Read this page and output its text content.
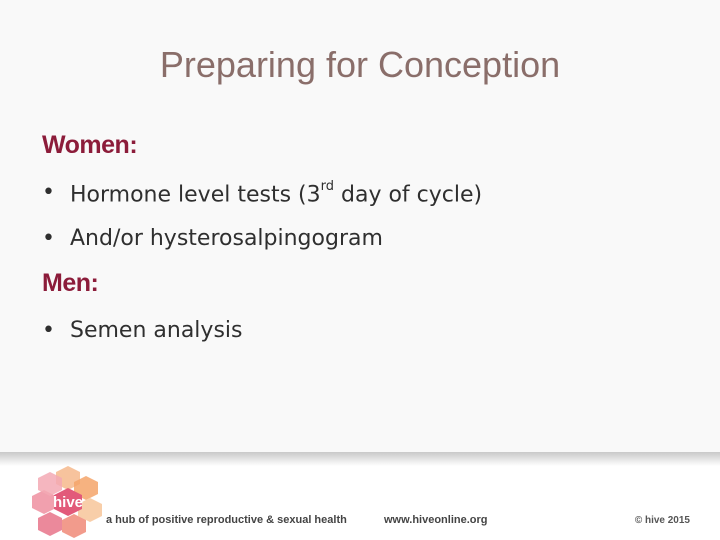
Preparing for Conception
Women:
• Hormone level tests (3rd day of cycle)
• And/or hysterosalpingogram
Men:
• Semen analysis
hive
a hub of positive reproductive & sexual health	www.hiveonline.org	© hive 2015
